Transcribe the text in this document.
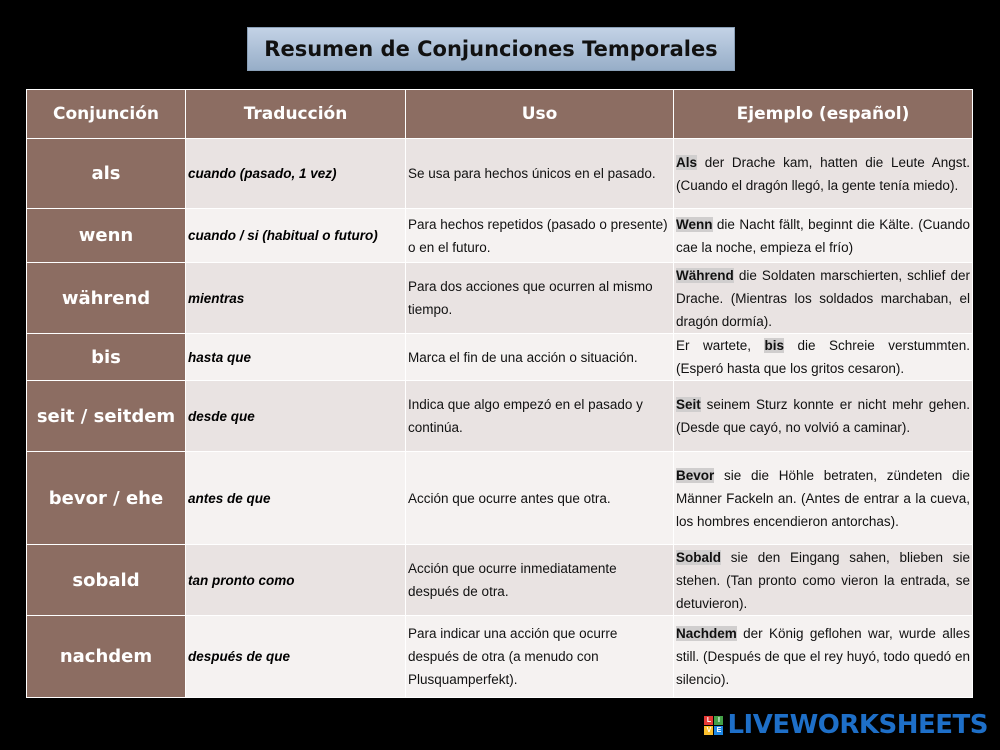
Resumen de Conjunciones Temporales
Conjunción	Traducción	Uso	Ejemplo (español)
als	cuando (pasado, 1 vez)	Se usa para hechos únicos en el pasado.	Als der Drache kam, hatten die Leute Angst. (Cuando el dragón llegó, la gente tenía miedo).
wenn	cuando / si (habitual o futuro)	Para hechos repetidos (pasado o presente) o en el futuro.	Wenn die Nacht fällt, beginnt die Kälte. (Cuando cae la noche, empieza el frío)
während	mientras	Para dos acciones que ocurren al mismo tiempo.	Während die Soldaten marschierten, schlief der Drache. (Mientras los soldados marchaban, el dragón dormía).
bis	hasta que	Marca el fin de una acción o situación.	Er wartete, bis die Schreie verstummten. (Esperó hasta que los gritos cesaron).
seit / seitdem	desde que	Indica que algo empezó en el pasado y continúa.	Seit seinem Sturz konnte er nicht mehr gehen. (Desde que cayó, no volvió a caminar).
bevor / ehe	antes de que	Acción que ocurre antes que otra.	Bevor sie die Höhle betraten, zündeten die Männer Fackeln an. (Antes de entrar a la cueva, los hombres encendieron antorchas).
sobald	tan pronto como	Acción que ocurre inmediatamente después de otra.	Sobald sie den Eingang sahen, blieben sie stehen. (Tan pronto como vieron la entrada, se detuvieron).
nachdem	después de que	Para indicar una acción que ocurre después de otra (a menudo con Plusquamperfekt).	Nachdem der König geflohen war, wurde alles still. (Después de que el rey huyó, todo quedó en silencio).
L I
V E LIVEWORKSHEETS
